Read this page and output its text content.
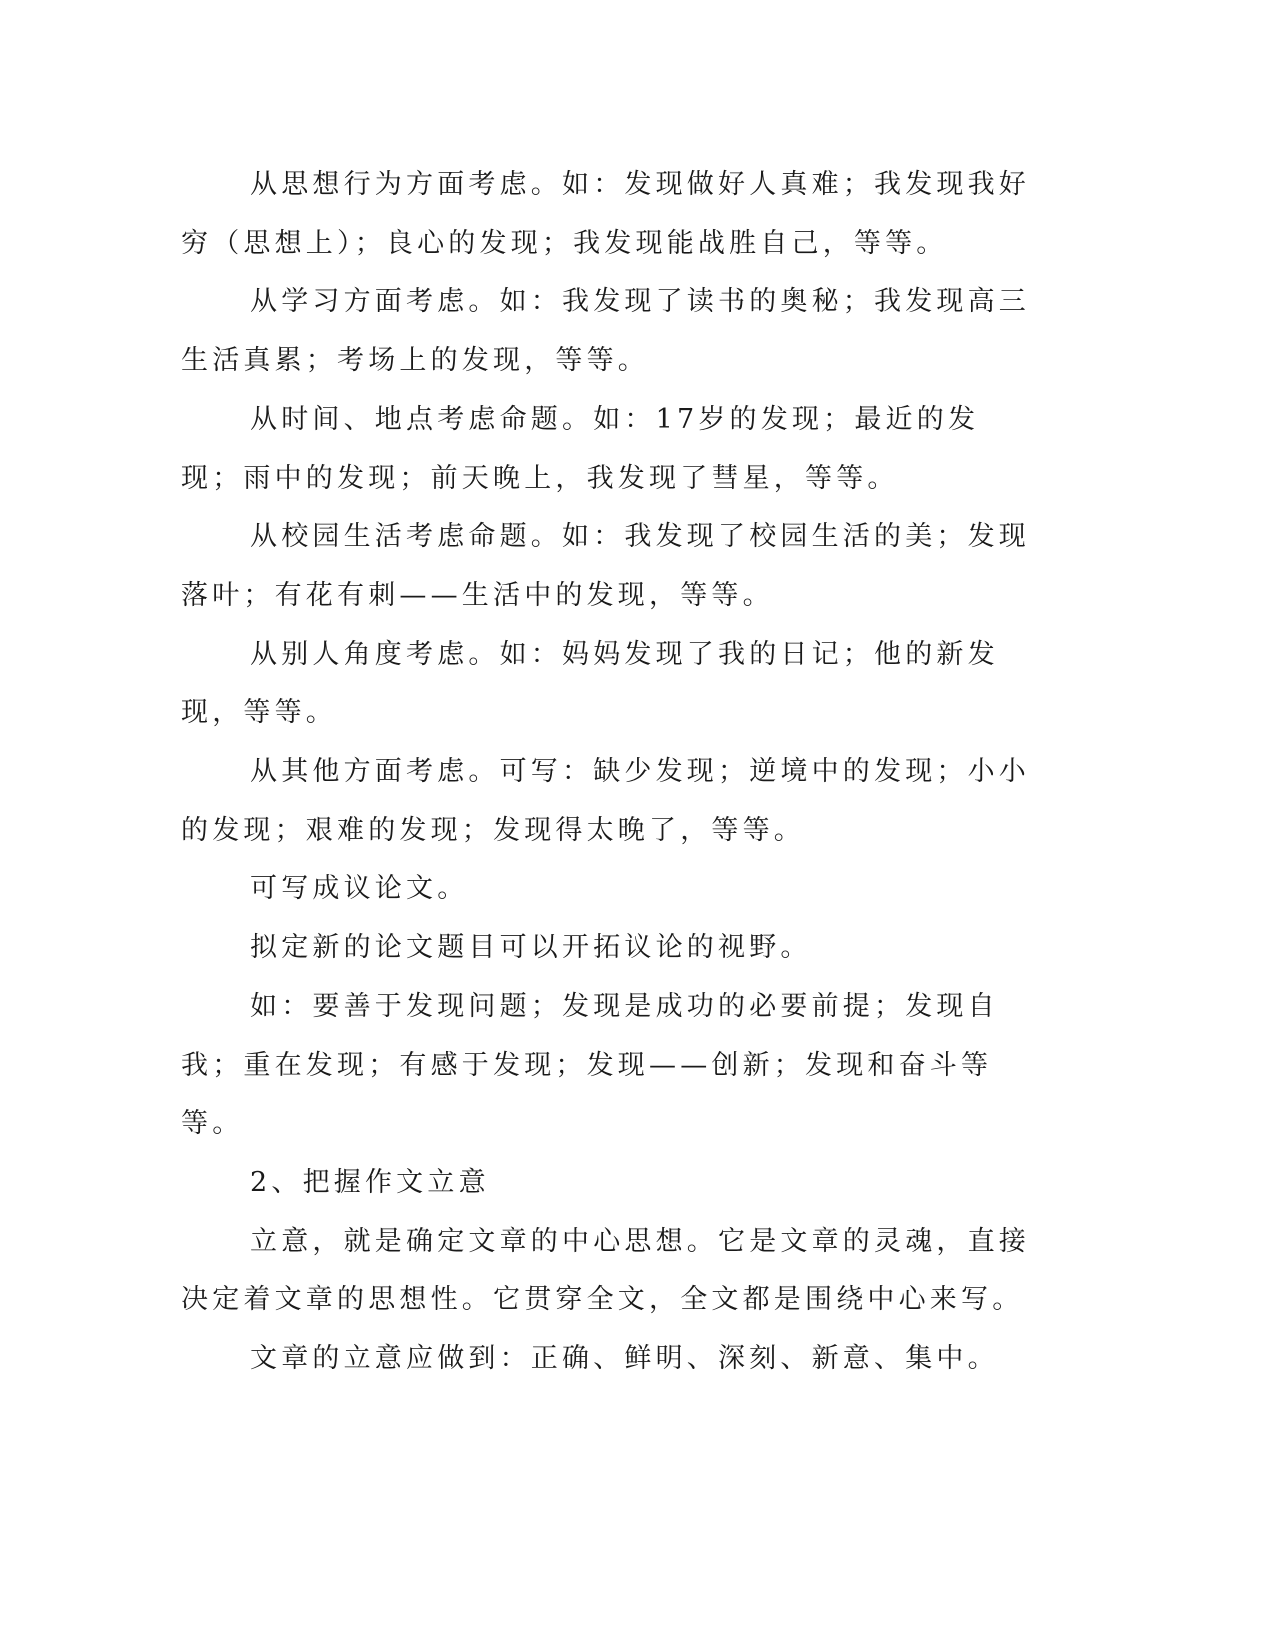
从思想行为方面考虑。如：发现做好人真难；我发现我好穷（思想上）；良心的发现；我发现能战胜自己，等等。

从学习方面考虑。如：我发现了读书的奥秘；我发现高三生活真累；考场上的发现，等等。

从时间、地点考虑命题。如：17岁的发现；最近的发现；雨中的发现；前天晚上，我发现了彗星，等等。

从校园生活考虑命题。如：我发现了校园生活的美；发现落叶；有花有刺——生活中的发现，等等。

从别人角度考虑。如：妈妈发现了我的日记；他的新发现，等等。

从其他方面考虑。可写：缺少发现；逆境中的发现；小小的发现；艰难的发现；发现得太晚了，等等。

可写成议论文。

拟定新的论文题目可以开拓议论的视野。

如：要善于发现问题；发现是成功的必要前提；发现自我；重在发现；有感于发现；发现——创新；发现和奋斗等等。

2、把握作文立意

立意，就是确定文章的中心思想。它是文章的灵魂，直接决定着文章的思想性。它贯穿全文，全文都是围绕中心来写。

文章的立意应做到：正确、鲜明、深刻、新意、集中。
